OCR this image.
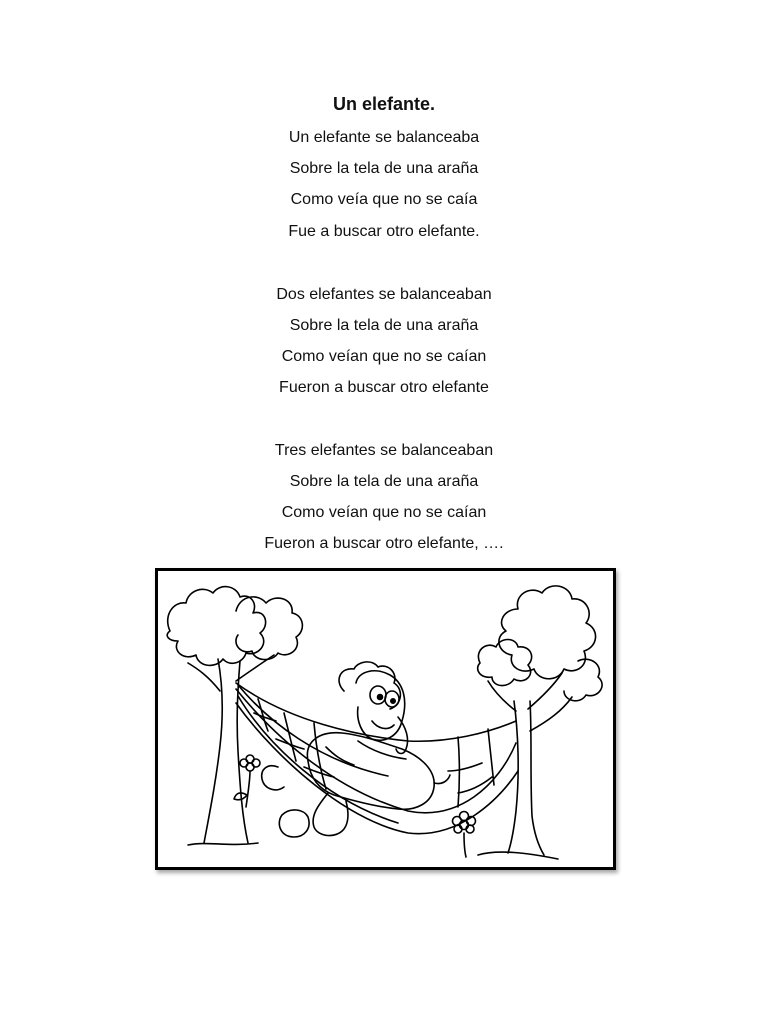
Un elefante.
Un elefante se balanceaba
Sobre la tela de una araña
Como veía que no se caía
Fue a buscar otro elefante.
Dos elefantes se balanceaban
Sobre la tela de una araña
Como veían que no se caían
Fueron a buscar otro elefante
Tres elefantes se balanceaban
Sobre la tela de una araña
Como veían que no se caían
Fueron a buscar otro elefante, ….
